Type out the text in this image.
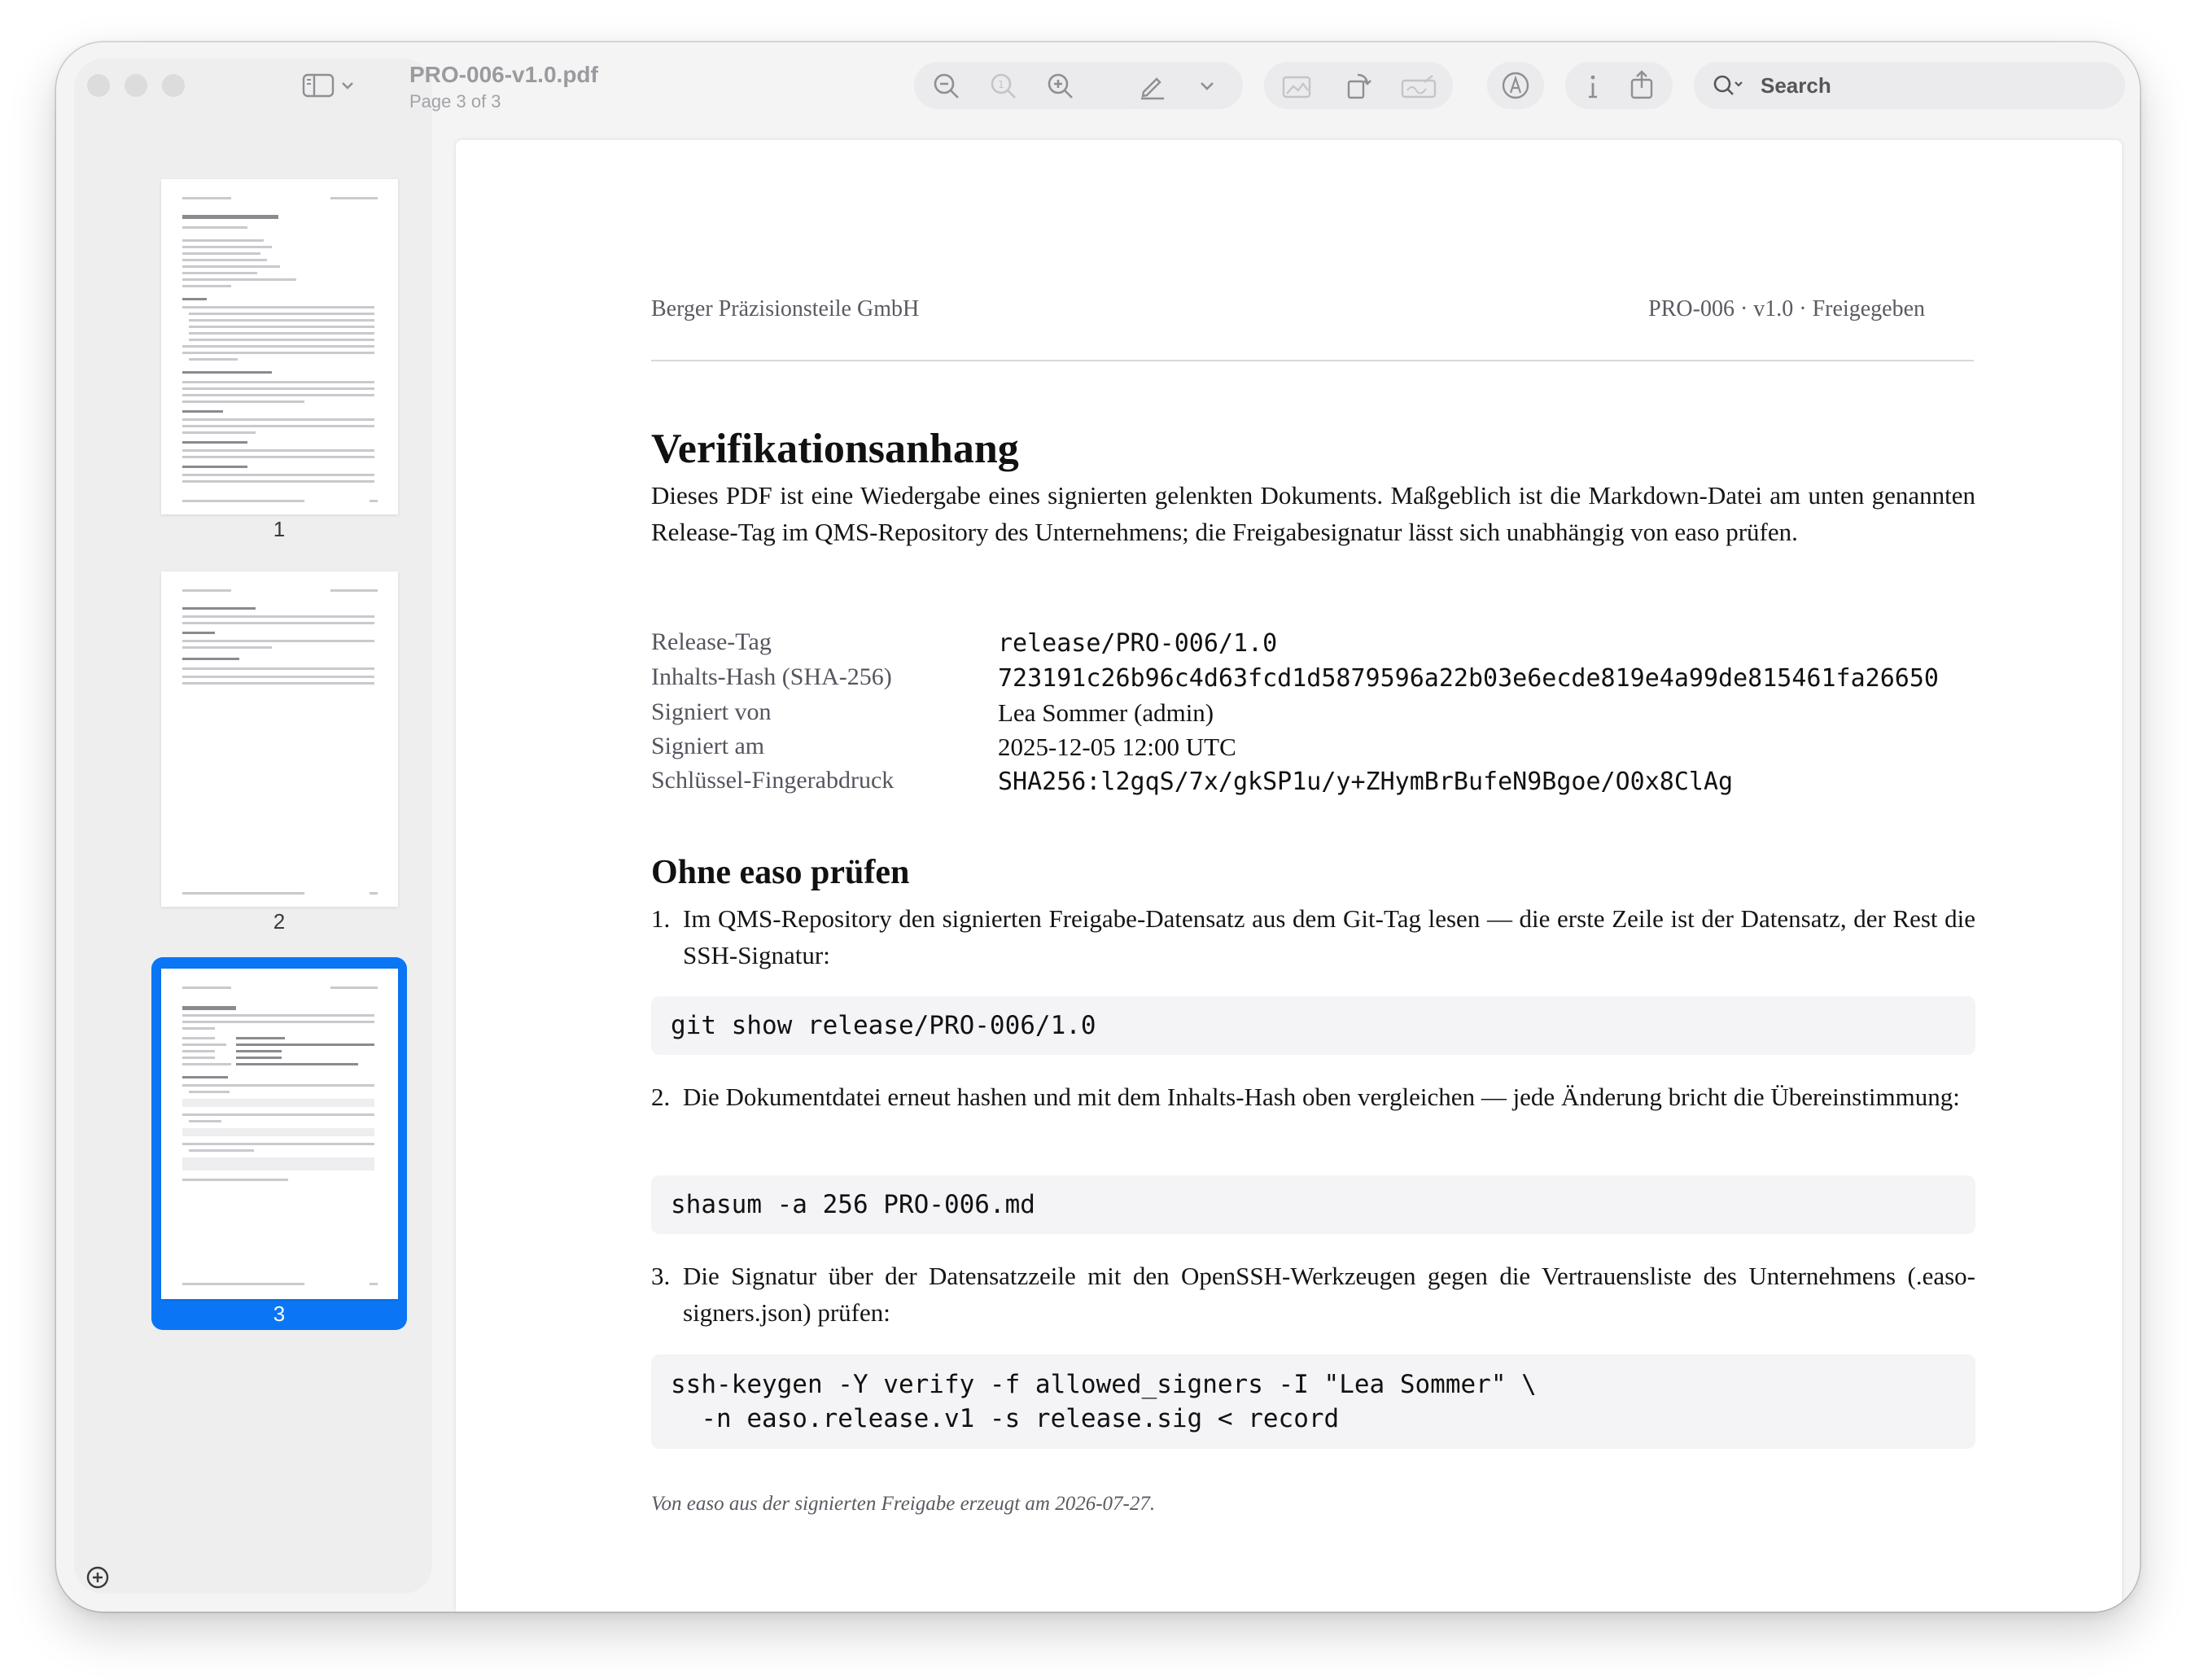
1
2
3
PRO-006-v1.0.pdf
Page 3 of 3
1	Search
Berger Präzisionsteile GmbH	PRO-006 · v1.0 · Freigegeben
Verifikationsanhang
Dieses PDF ist eine Wiedergabe eines signierten gelenkten Dokuments. Maßgeblich ist die Markdown-Datei am unten genannten Release-Tag im QMS-Repository des Unternehmens; die Freigabesignatur lässt sich unabhängig von easo prüfen.
Release-Tag	release/PRO-006/1.0
Inhalts-Hash (SHA-256)	723191c26b96c4d63fcd1d5879596a22b03e6ecde819e4a99de815461fa26650
Signiert von	Lea Sommer (admin)
Signiert am	2025-12-05 12:00 UTC
Schlüssel-Fingerabdruck	SHA256:l2gqS/7x/gkSP1u/y+ZHymBrBufeN9Bgoe/O0x8ClAg
Ohne easo prüfen
1. Im QMS-Repository den signierten Freigabe-Datensatz aus dem Git-Tag lesen — die erste Zeile ist der Datensatz, der Rest die SSH-Signatur:
git show release/PRO-006/1.0
2. Die Dokumentdatei erneut hashen und mit dem Inhalts-Hash oben vergleichen — jede Änderung bricht die Übereinstimmung:
shasum -a 256 PRO-006.md
3. Die Signatur über der Datensatzzeile mit den OpenSSH-Werkzeugen gegen die Vertrauensliste des Unternehmens (.easo-signers.json) prüfen:
ssh-keygen -Y verify -f allowed_signers -I "Lea Sommer" \
-n easo.release.v1 -s release.sig < record
Von easo aus der signierten Freigabe erzeugt am 2026-07-27.
